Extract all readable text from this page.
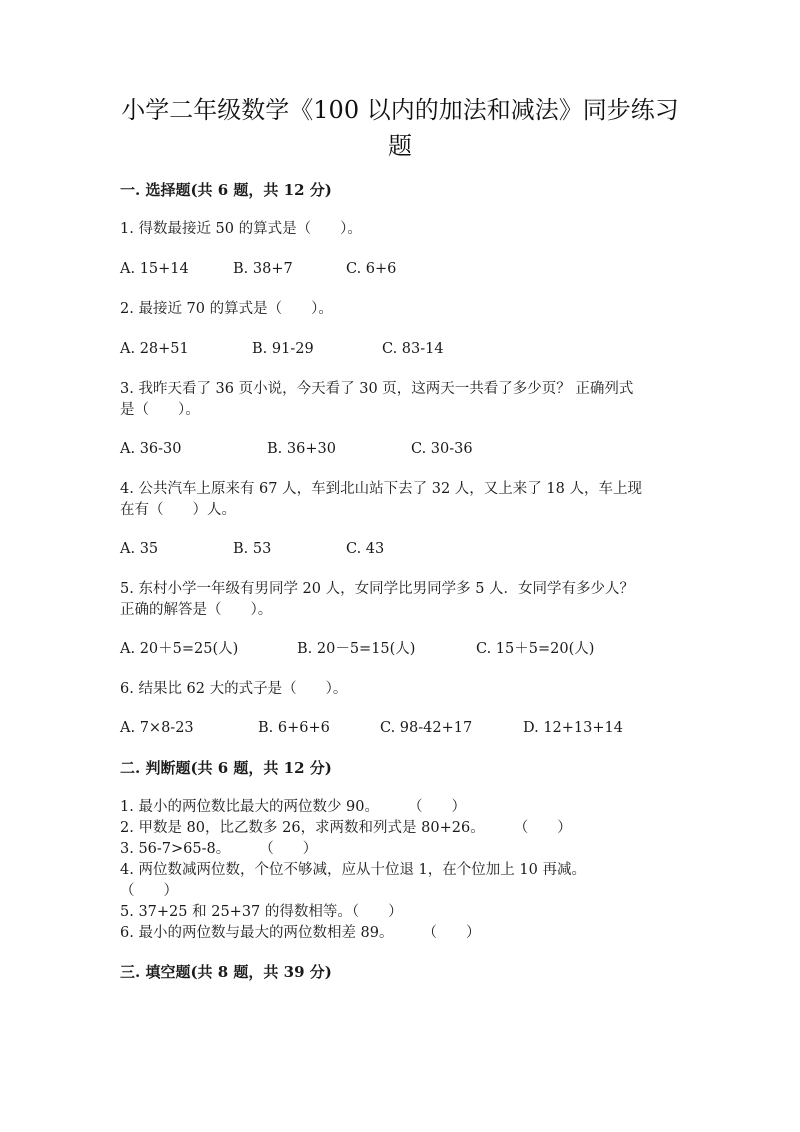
小学二年级数学《100 以内的加法和减法》同步练习
题
一. 选择题(共 6 题，共 12 分)
1. 得数最接近 50 的算式是（　　）。
A. 15+14	B. 38+7	C. 6+6
2. 最接近 70 的算式是（　　）。
A. 28+51	B. 91-29	C. 83-14
3. 我昨天看了 36 页小说，今天看了 30 页，这两天一共看了多少页？ 正确列式
是（　　）。
A. 36-30	B. 36+30	C. 30-36
4. 公共汽车上原来有 67 人，车到北山站下去了 32 人，又上来了 18 人，车上现
在有（　　）人。
A. 35	B. 53	C. 43
5. 东村小学一年级有男同学 20 人，女同学比男同学多 5 人．女同学有多少人？
正确的解答是（　　）。
A. 20＋5=25(人)	B. 20－5=15(人)	C. 15＋5=20(人)
6. 结果比 62 大的式子是（　　）。
A. 7×8-23	B. 6+6+6	C. 98-42+17	D. 12+13+14
二. 判断题(共 6 题，共 12 分)
1. 最小的两位数比最大的两位数少 90。　　　（　　）
2. 甲数是 80，比乙数多 26，求两数和列式是 80+26。　　　（　　）
3. 56-7>65-8。　　　（　　）
4. 两位数减两位数，个位不够减，应从十位退 1，在个位加上 10 再减。
（　　）
5. 37+25 和 25+37 的得数相等。（　　）
6. 最小的两位数与最大的两位数相差 89。　　　（　　）
三. 填空题(共 8 题，共 39 分)
